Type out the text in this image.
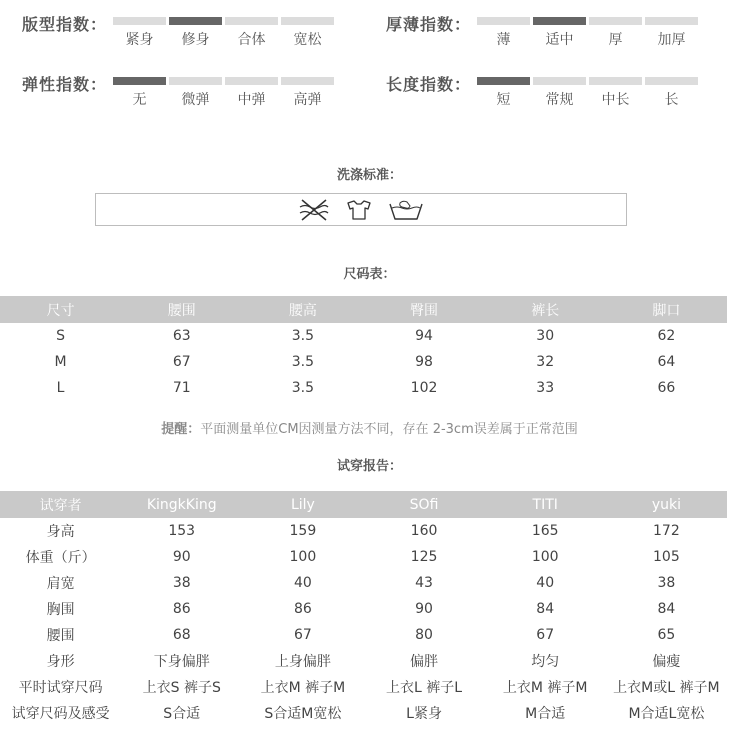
版型指数：
紧身	修身	合体	宽松
厚薄指数：
薄	适中	厚	加厚
弹性指数：
无	微弹	中弹	高弹
长度指数：
短	常规	中长	长
洗涤标准：
尺码表：
尺寸	腰围	腰高	臀围	裤长	脚口
S	63	3.5	94	30	62
M	67	3.5	98	32	64
L	71	3.5	102	33	66
提醒：平面测量单位CM因测量方法不同，存在 2-3cm误差属于正常范围
试穿报告：
试穿者	KingkKing	Lily	SOfi	TITI	yuki
身高	153	159	160	165	172
体重（斤）	90	100	125	100	105
肩宽	38	40	43	40	38
胸围	86	86	90	84	84
腰围	68	67	80	67	65
身形	下身偏胖	上身偏胖	偏胖	均匀	偏瘦
平时试穿尺码	上衣S 裤子S	上衣M 裤子M	上衣L 裤子L	上衣M 裤子M	上衣M或L 裤子M
试穿尺码及感受	S合适	S合适M宽松	L紧身	M合适	M合适L宽松
